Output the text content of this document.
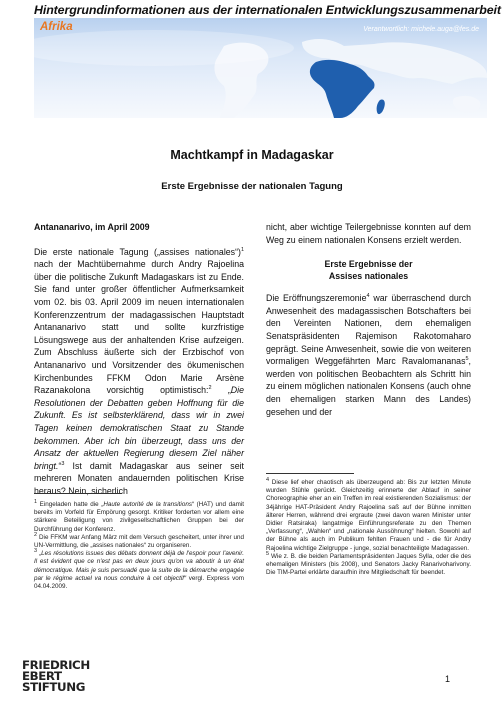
Hintergrundinformationen aus der internationalen Entwicklungszusammenarbeit
Afrika	Verantwortlich: michele.auga@fes.de
Machtkampf in Madagaskar
Erste Ergebnisse der nationalen Tagung

Antananarivo, im April 2009

Die erste nationale Tagung („assises nationales“)$^1$ nach der Machtübernahme durch Andry Rajoelina über die politische Zukunft Madagaskars ist zu Ende. Sie fand unter großer öffentlicher Aufmerksamkeit vom 02. bis 03. April 2009 im neuen internationalen Konferenzzentrum der madagassischen Hauptstadt Antananarivo statt und sollte kurzfristige Lösungswege aus der anhaltenden Krise aufzeigen. Zum Abschluss äußerte sich der Erzbischof von Antananarivo und Vorsitzender des ökumenischen Kirchenbundes FFKM Odon Marie Arsène Razanakolona vorsichtig optimistisch:$^2$ „Die Resolutionen der Debatten geben Hoffnung für die Zukunft. Es ist selbsterklärend, dass wir in zwei Tagen keinen demokratischen Staat zu Stande bekommen. Aber ich bin überzeugt, dass uns der Ansatz der aktuellen Regierung diesem Ziel näher bringt.“$^3$ Ist damit Madagaskar aus seiner seit mehreren Monaten andauernden politischen Krise heraus? Nein, sicherlich

nicht, aber wichtige Teilergebnisse konnten auf dem Weg zu einem nationalen Konsens erzielt werden.

Erste Ergebnisse der
Assises nationales

Die Eröffnungszeremonie$^4$ war überraschend durch Anwesenheit des madagassischen Botschafters bei den Vereinten Nationen, dem ehemaligen Senatspräsidenten Rajemison Rakotomaharo geprägt. Seine Anwesenheit, sowie die von weiteren vormaligen Weggefährten Marc Ravalomananas$^5$, werden von politischen Beobachtern als Schritt hin zu einem möglichen nationalen Konsens (auch ohne den ehemaligen starken Mann des Landes) gesehen und der

$^1$ Eingeladen hatte die „Haute autorité de la transitions“ (HAT) und damit bereits im Vorfeld für Empörung gesorgt. Kritiker forderten vor allem eine stärkere Beteiligung von zivilgesellschaftlichen Gruppen bei der Durchführung der Konferenz.

$^2$ Die FFKM war Anfang März mit dem Versuch gescheitert, unter ihrer und UN-Vermittlung, die „assises nationales“ zu organiseren.

$^3$ „Les résolutions issues des débats donnent déjà de l'espoir pour l'avenir. Il est évident que ce n'est pas en deux jours qu'on va aboutir à un état démocratique. Mais je suis persuadé que la suite de la démarche engagée par le régime actuel va nous conduire à cet objectif“ vergl. Express vom 04.04.2009.

$^4$ Diese lief eher chaotisch als überzeugend ab: Bis zur letzten Minute wurden Stühle gerückt. Gleichzeitig erinnerte der Ablauf in seiner Choreographie eher an ein Treffen im real existierenden Sozialismus: der 34jährige HAT-Präsident Andry Rajoelina saß auf der Bühne inmitten älterer Herren, während drei ergraute (zwei davon waren Minister unter Didier Ratsiraka) langatmige Einführungsreferate zu den Themen „Verfassung“, „Wahlen“ und „nationale Aussöhnung“ hielten. Sowohl auf der Bühne als auch im Publikum fehlten Frauen und - die für Andry Rajoelina wichtige Zielgruppe - junge, sozial benachteiligte Madagassen.

$^5$ Wie z. B. die beiden Parlamentspräsidenten Jaques Sylla, oder die des ehemaligen Ministers (bis 2008), und Senators Jacky Ranarivoharivony. Die TIM-Partei erklärte daraufhin ihre Mitgliedschaft für beendet.

FRIEDRICH
EBERT
STIFTUNG
1
